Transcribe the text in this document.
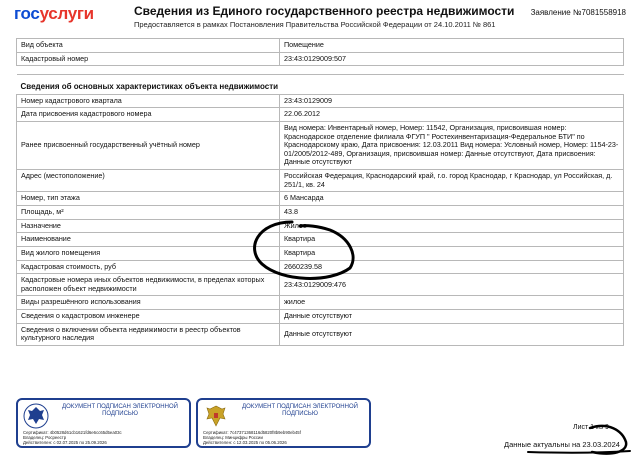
госуслуги	Сведения из Единого государственного реестра недвижимости
Предоставляется в рамках Постановления Правительства Российской Федерации от 24.10.2011 № 861
Заявление №7081558918
Вид объекта	Помещение
Кадастровый номер	23:43:0129009:507
Сведения об основных характеристиках объекта недвижимости	
Номер кадастрового квартала	23:43:0129009
Дата присвоения кадастрового номера	22.06.2012
Ранее присвоенный государственный учётный номер	Вид номера: Инвентарный номер, Номер: 11542, Организация, присвоившая номер: Краснодарское отделение филиала ФГУП " Ростехинвентаризация-Федеральное БТИ" по Краснодарскому краю, Дата присвоения: 12.03.2011 Вид номера: Условный номер, Номер: 1154-23-01/2005/2012-489, Организация, присвоившая номер: Данные отсутствуют, Дата присвоения: Данные отсутствуют
Адрес (местоположение)	Российская Федерация, Краснодарский край, г.о. город Краснодар, г Краснодар, ул Российская, д. 251/1, кв. 24
Номер, тип этажа	6 Мансарда
Площадь, м²	43.8
Назначение	Жилое
Наименование	Квартира
Вид жилого помещения	Квартира
Кадастровая стоимость, руб	2660239.58
Кадастровые номера иных объектов недвижимости, в пределах которых расположен объект недвижимости	23:43:0129009:476
Виды разрешённого использования	жилое
Сведения о кадастровом инженере	Данные отсутствуют
Сведения о включении объекта недвижимости в реестр объектов культурного наследия	Данные отсутствуют
ДОКУМЕНТ ПОДПИСАН ЭЛЕКТРОННОЙ ПОДПИСЬЮ
Сертификат: 4b0528d61cb1621fd6e6cc65d5ea03c
Владелец: Росреестр
Действителен: с 02.07.2025 по 25.09.2026
ДОКУМЕНТ ПОДПИСАН ЭЛЕКТРОННОЙ ПОДПИСЬЮ
Сертификат: 7c47371368116d5820f8b9eb90eb45f
Владелец: Минцифры России
Действителен: с 12.03.2025 по 05.06.2026
Лист 1 из 9
Данные актуальны на 23.03.2024
